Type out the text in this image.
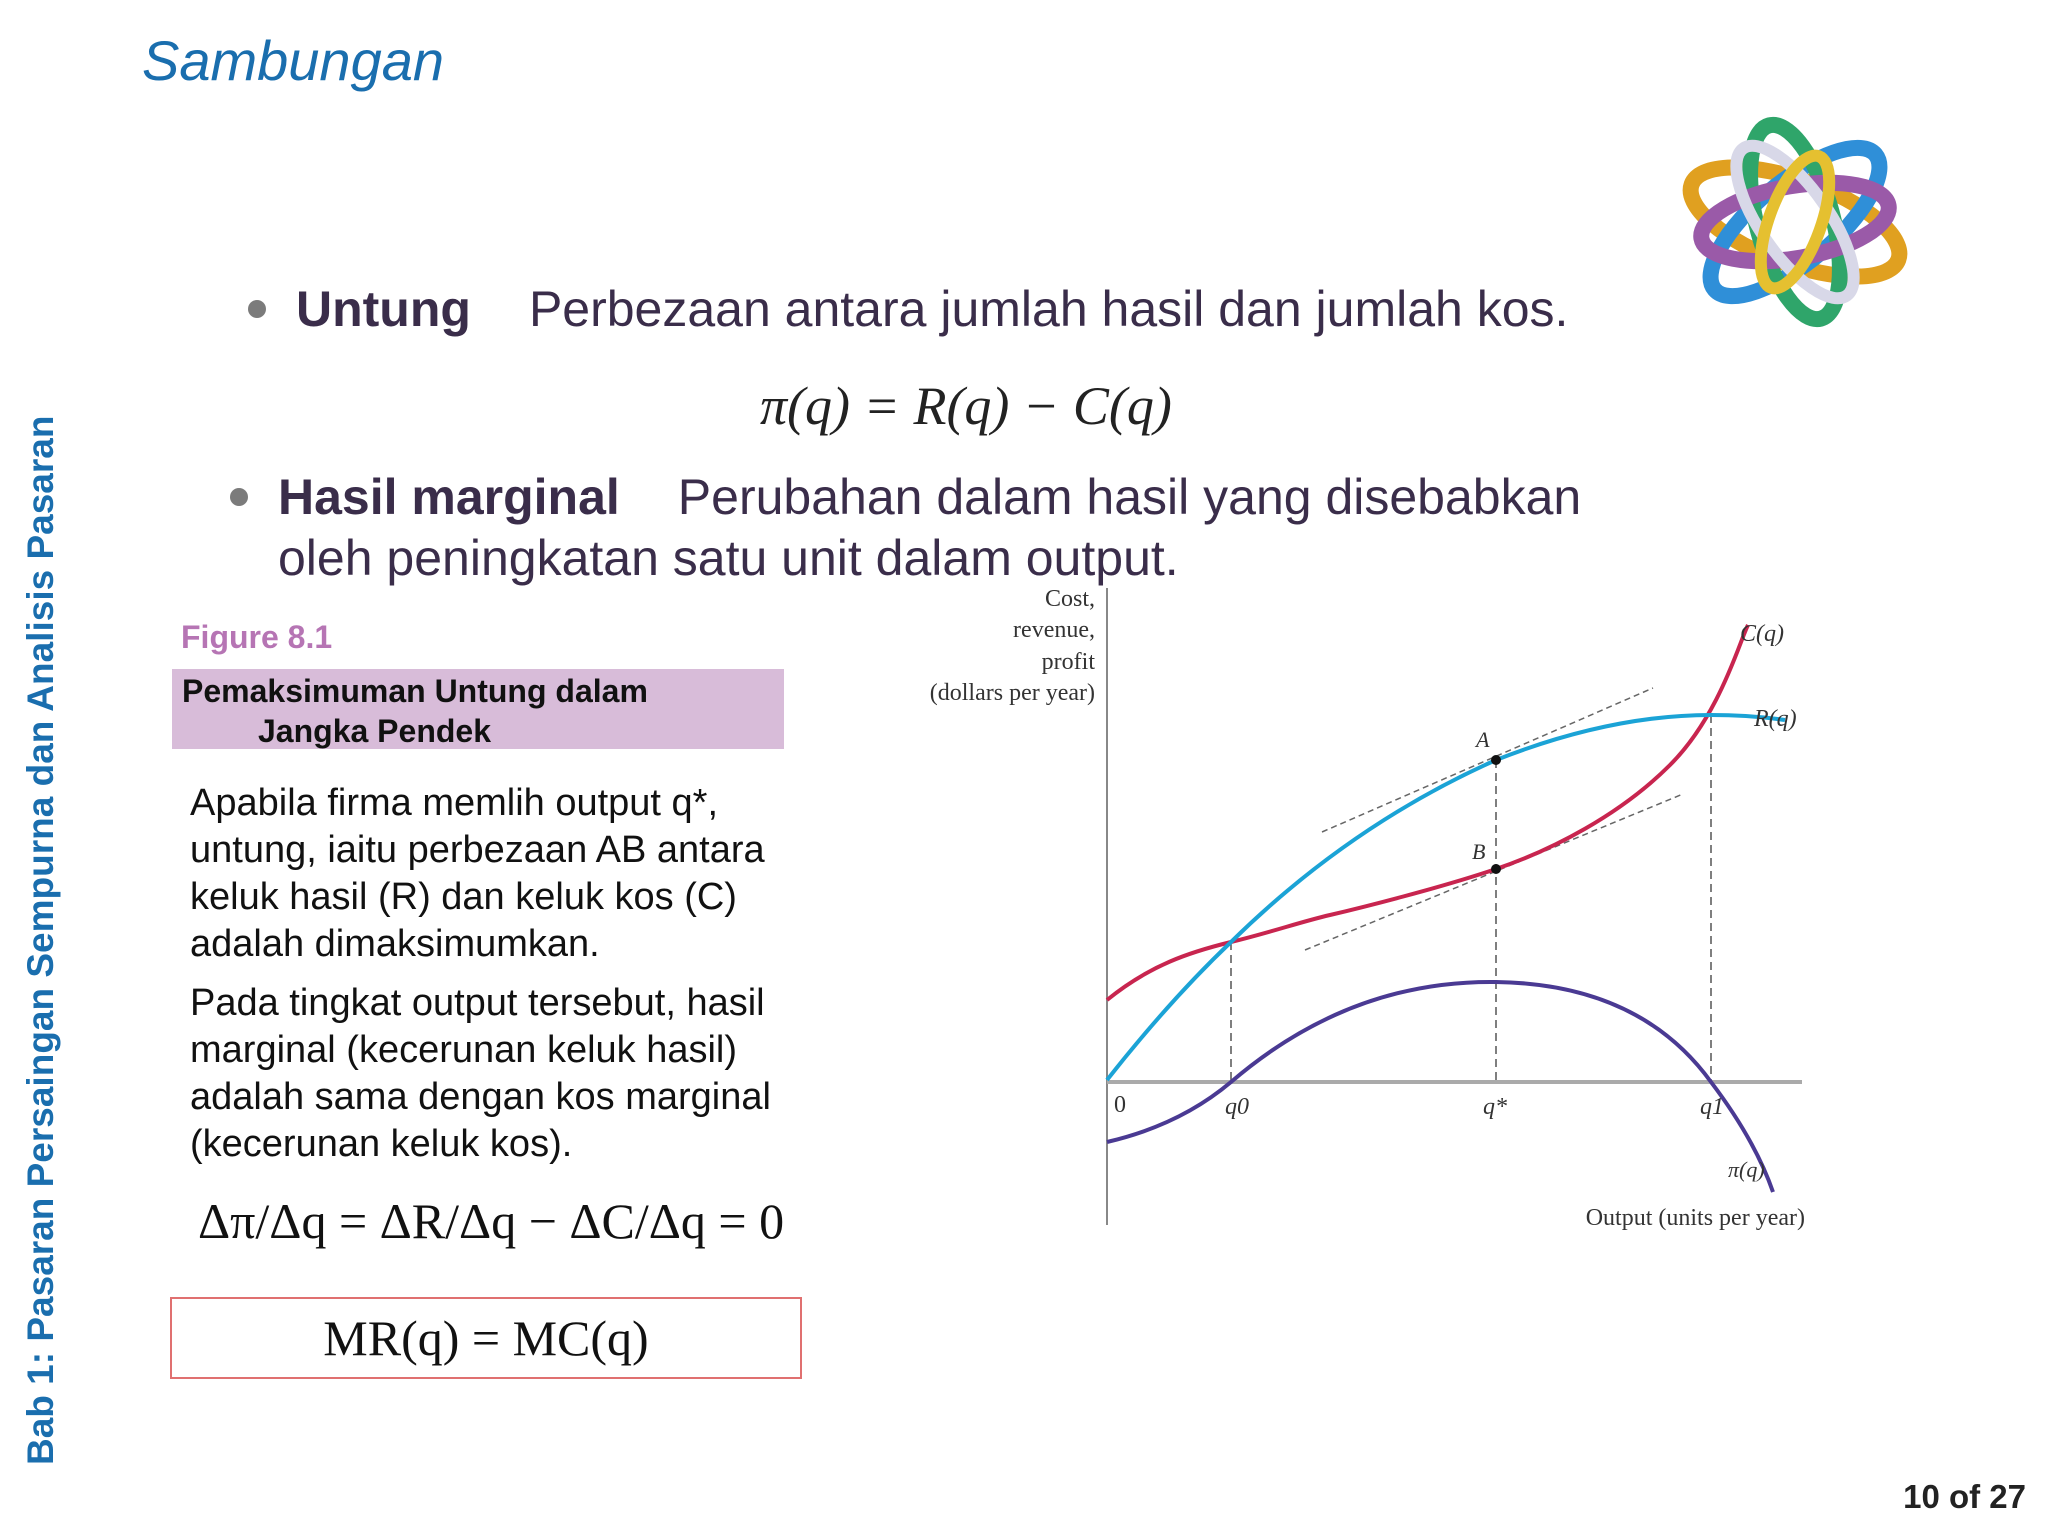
Bab 1: Pasaran Persaingan Sempurna dan Analisis Pasaran
Sambungan
Untung Perbezaan antara jumlah hasil dan jumlah kos.
π(q) = R(q) − C(q)
Hasil marginal Perubahan dalam hasil yang disebabkan
oleh peningkatan satu unit dalam output.
Figure 8.1
Pemaksimuman Untung dalam
Jangka Pendek
Apabila firma memlih output q*,
untung, iaitu perbezaan AB antara
keluk hasil (R) dan keluk kos (C)
adalah dimaksimumkan.
Pada tingkat output tersebut, hasil
marginal (kecerunan keluk hasil)
adalah sama dengan kos marginal
(kecerunan keluk kos).
Δπ/Δq = ΔR/Δq − ΔC/Δq = 0
MR(q) = MC(q)
Cost,
revenue,
profit
(dollars per year)
A
B
C(q)
R(q)
π(q)
0	q0	q*	q1
Output (units per year)
10 of 27
